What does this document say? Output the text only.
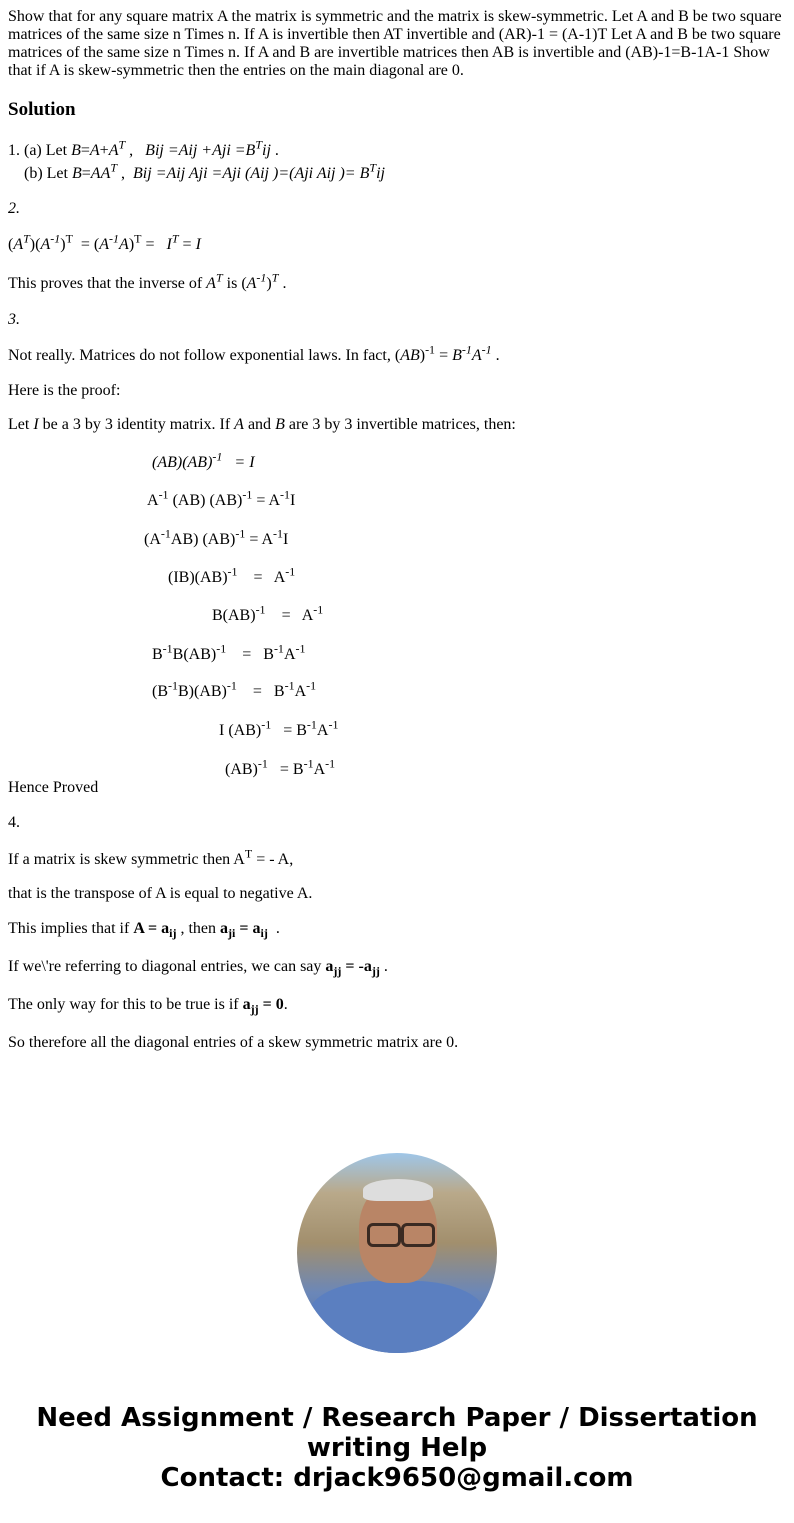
Show that for any square matrix A the matrix is symmetric and the matrix is skew-symmetric. Let A and B be two square matrices of the same size n Times n. If A is invertible then AT invertible and (AR)-1 = (A-1)T Let A and B be two square matrices of the same size n Times n. If A and B are invertible matrices then AB is invertible and (AB)-1=B-1A-1 Show that if A is skew-symmetric then the entries on the main diagonal are 0.
Solution
1. (a) Let $B=A+A^T$ ,   Bij $=Aij +Aji =B^Tij$ .
(b) Let $B=AA^T$ ,  Bij =Aij Aji =Aji (Aij )=(Aji Aij )= $B^Tij$
2.
$(A^T)(A^{-1})^T = (A^{-1}A)^T = I^T = I$
This proves that the inverse of $A^T$ is $(A^{-1})^T$ .
3.
Not really. Matrices do not follow exponential laws. In fact, $(AB)^{-1} = B^{-1}A^{-1}$ .
Here is the proof:
Let I be a 3 by 3 identity matrix. If A and B are 3 by 3 invertible matrices, then:
(AB)(AB)$^{-1}$   = I
$A^{-1}$ (AB) $(AB)^{-1} = A^{-1}I$
$(A^{-1}AB) (AB)^{-1} = A^{-1}I$
(IB)(AB)$^{-1}$    =   $A^{-1}$
B(AB)$^{-1}$    =   $A^{-1}$
$B^{-1}B(AB)^{-1}$    =   $B^{-1}A^{-1}$
$(B^{-1}B)(AB)^{-1}$    =   $B^{-1}A^{-1}$
I $(AB)^{-1} = B^{-1}A^{-1}$
$(AB)^{-1} = B^{-1}A^{-1}$
Hence Proved
4.
If a matrix is skew symmetric then $A^T$ = - A,
that is the transpose of A is equal to negative A.
This implies that if $A = a_{ij}$ , then $a_{ji} = a_{ij}$  .
If we\'re referring to diagonal entries, we can say $a_{jj} = -a_{jj}$ .
The only way for this to be true is if $a_{jj} = 0$.
So therefore all the diagonal entries of a skew symmetric matrix are 0.
Need Assignment / Research Paper / Dissertation
writing Help
Contact: drjack9650@gmail.com
